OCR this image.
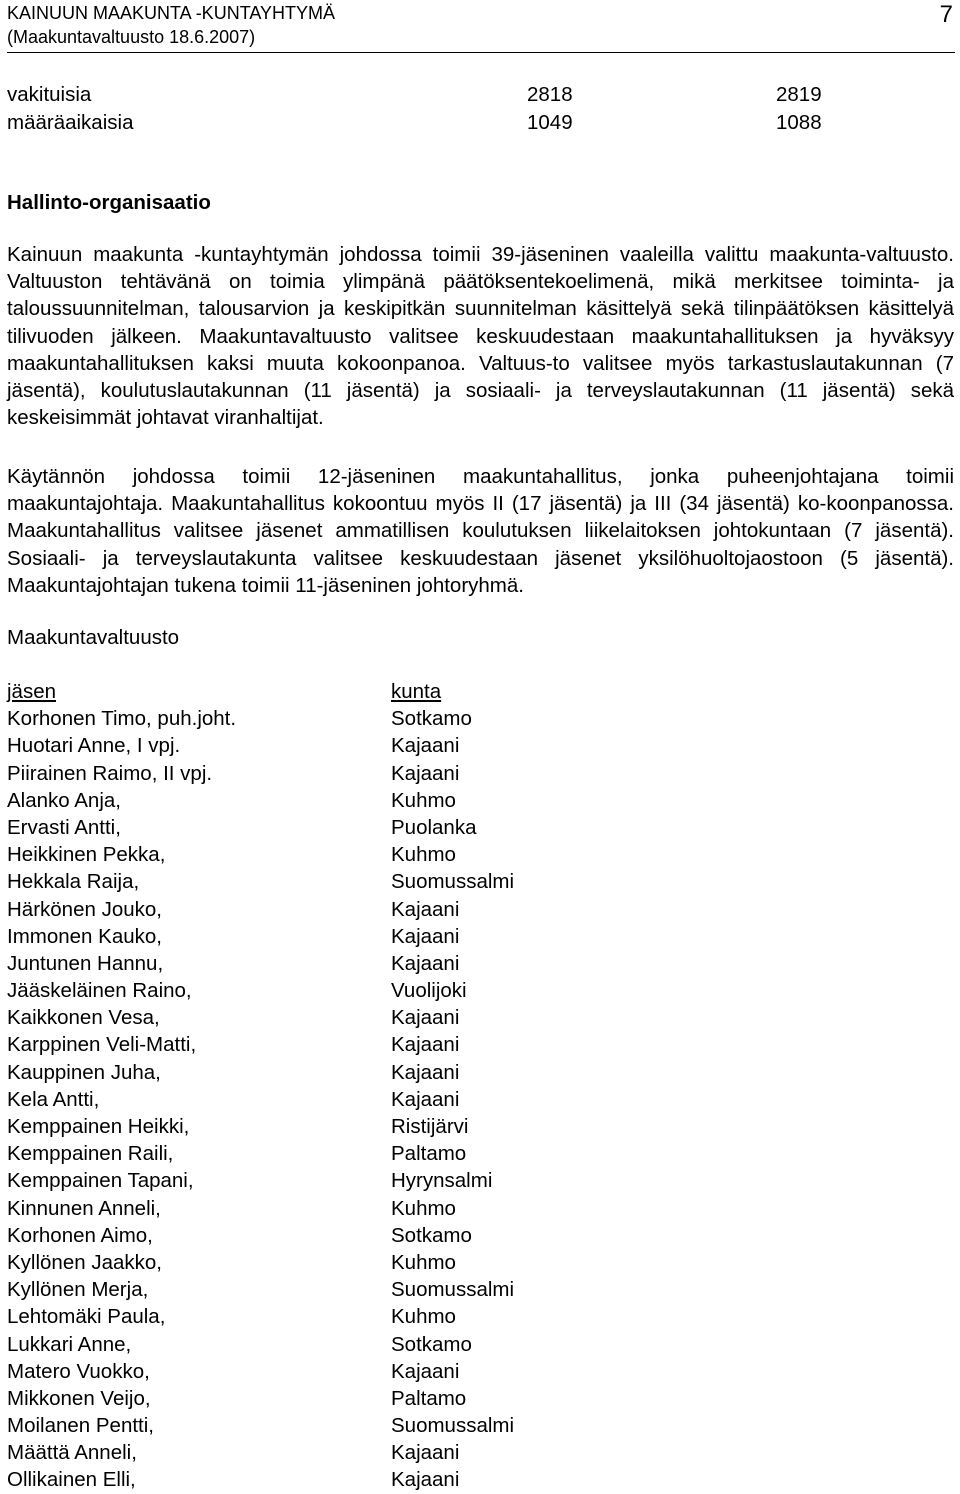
KAINUUN MAAKUNTA -KUNTAYHTYMÄ
(Maakuntavaltuusto 18.6.2007)
7
vakituisia	2818	2819
määräaikaisia	1049	1088
Hallinto-organisaatio

Kainuun maakunta -kuntayhtymän johdossa toimii 39-jäseninen vaaleilla valittu maakunta-valtuusto. Valtuuston tehtävänä on toimia ylimpänä päätöksentekoelimenä, mikä merkitsee toiminta- ja taloussuunnitelman, talousarvion ja keskipitkän suunnitelman käsittelyä sekä tilinpäätöksen käsittelyä tilivuoden jälkeen. Maakuntavaltuusto valitsee keskuudestaan maakuntahallituksen ja hyväksyy maakuntahallituksen kaksi muuta kokoonpanoa. Valtuus-to valitsee myös tarkastuslautakunnan (7 jäsentä), koulutuslautakunnan (11 jäsentä) ja sosiaali- ja terveyslautakunnan (11 jäsentä) sekä keskeisimmät johtavat viranhaltijat.

Käytännön johdossa toimii 12-jäseninen maakuntahallitus, jonka puheenjohtajana toimii maakuntajohtaja. Maakuntahallitus kokoontuu myös II (17 jäsentä) ja III (34 jäsentä) ko-koonpanossa. Maakuntahallitus valitsee jäsenet ammatillisen koulutuksen liikelaitoksen johtokuntaan (7 jäsentä). Sosiaali- ja terveyslautakunta valitsee keskuudestaan jäsenet yksilöhuoltojaostoon (5 jäsentä). Maakuntajohtajan tukena toimii 11-jäseninen johtoryhmä.

Maakuntavaltuusto
jäsen	kunta
Korhonen Timo, puh.joht.	Sotkamo
Huotari Anne, I vpj.	Kajaani
Piirainen Raimo, II vpj.	Kajaani
Alanko Anja,	Kuhmo
Ervasti Antti,	Puolanka
Heikkinen Pekka,	Kuhmo
Hekkala Raija,	Suomussalmi
Härkönen Jouko,	Kajaani
Immonen Kauko,	Kajaani
Juntunen Hannu,	Kajaani
Jääskeläinen Raino,	Vuolijoki
Kaikkonen Vesa,	Kajaani
Karppinen Veli-Matti,	Kajaani
Kauppinen Juha,	Kajaani
Kela Antti,	Kajaani
Kemppainen Heikki,	Ristijärvi
Kemppainen Raili,	Paltamo
Kemppainen Tapani,	Hyrynsalmi
Kinnunen Anneli,	Kuhmo
Korhonen Aimo,	Sotkamo
Kyllönen Jaakko,	Kuhmo
Kyllönen Merja,	Suomussalmi
Lehtomäki Paula,	Kuhmo
Lukkari Anne,	Sotkamo
Matero Vuokko,	Kajaani
Mikkonen Veijo,	Paltamo
Moilanen Pentti,	Suomussalmi
Määttä Anneli,	Kajaani
Ollikainen Elli,	Kajaani
